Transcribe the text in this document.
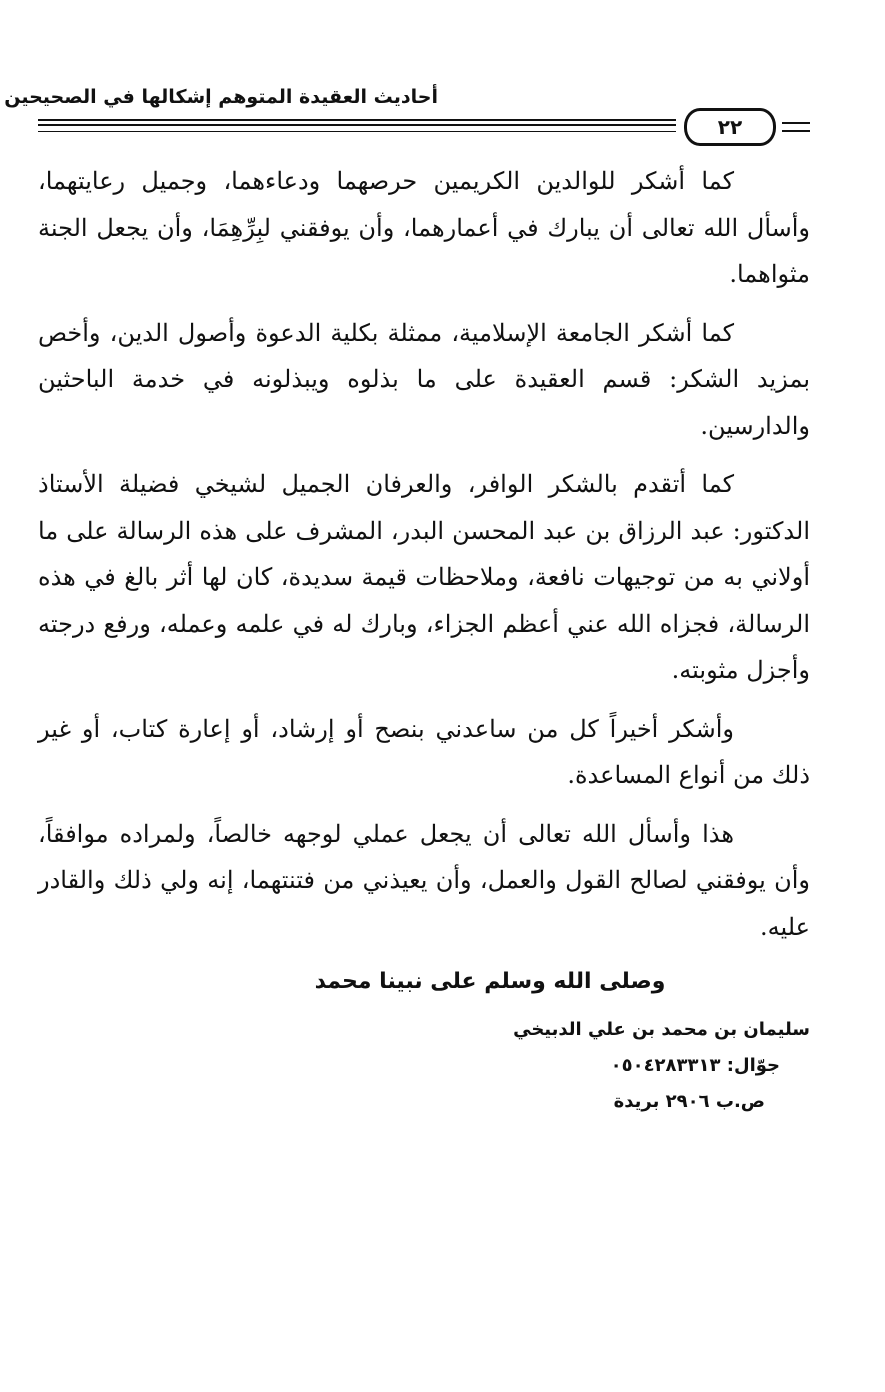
أحاديث العقيدة المتوهم إشكالها في الصحيحين
٢٢

كما أشكر للوالدين الكريمين حرصهما ودعاءهما، وجميل رعايتهما، وأسأل الله تعالى أن يبارك في أعمارهما، وأن يوفقني لبِرِّهِمَا، وأن يجعل الجنة مثواهما.

كما أشكر الجامعة الإسلامية، ممثلة بكلية الدعوة وأصول الدين، وأخص بمزيد الشكر: قسم العقيدة على ما بذلوه ويبذلونه في خدمة الباحثين والدارسين.

كما أتقدم بالشكر الوافر، والعرفان الجميل لشيخي فضيلة الأستاذ الدكتور: عبد الرزاق بن عبد المحسن البدر، المشرف على هذه الرسالة على ما أولاني به من توجيهات نافعة، وملاحظات قيمة سديدة، كان لها أثر بالغ في هذه الرسالة، فجزاه الله عني أعظم الجزاء، وبارك له في علمه وعمله، ورفع درجته وأجزل مثوبته.

وأشكر أخيراً كل من ساعدني بنصح أو إرشاد، أو إعارة كتاب، أو غير ذلك من أنواع المساعدة.

هذا وأسأل الله تعالى أن يجعل عملي لوجهه خالصاً، ولمراده موافقاً، وأن يوفقني لصالح القول والعمل، وأن يعيذني من فتنتهما، إنه ولي ذلك والقادر عليه.

وصلى الله وسلم على نبينا محمد
سليمان بن محمد بن علي الدبيخي
جوّال: ٠٥٠٤٢٨٣٣١٣
ص.ب ٢٩٠٦ بريدة
